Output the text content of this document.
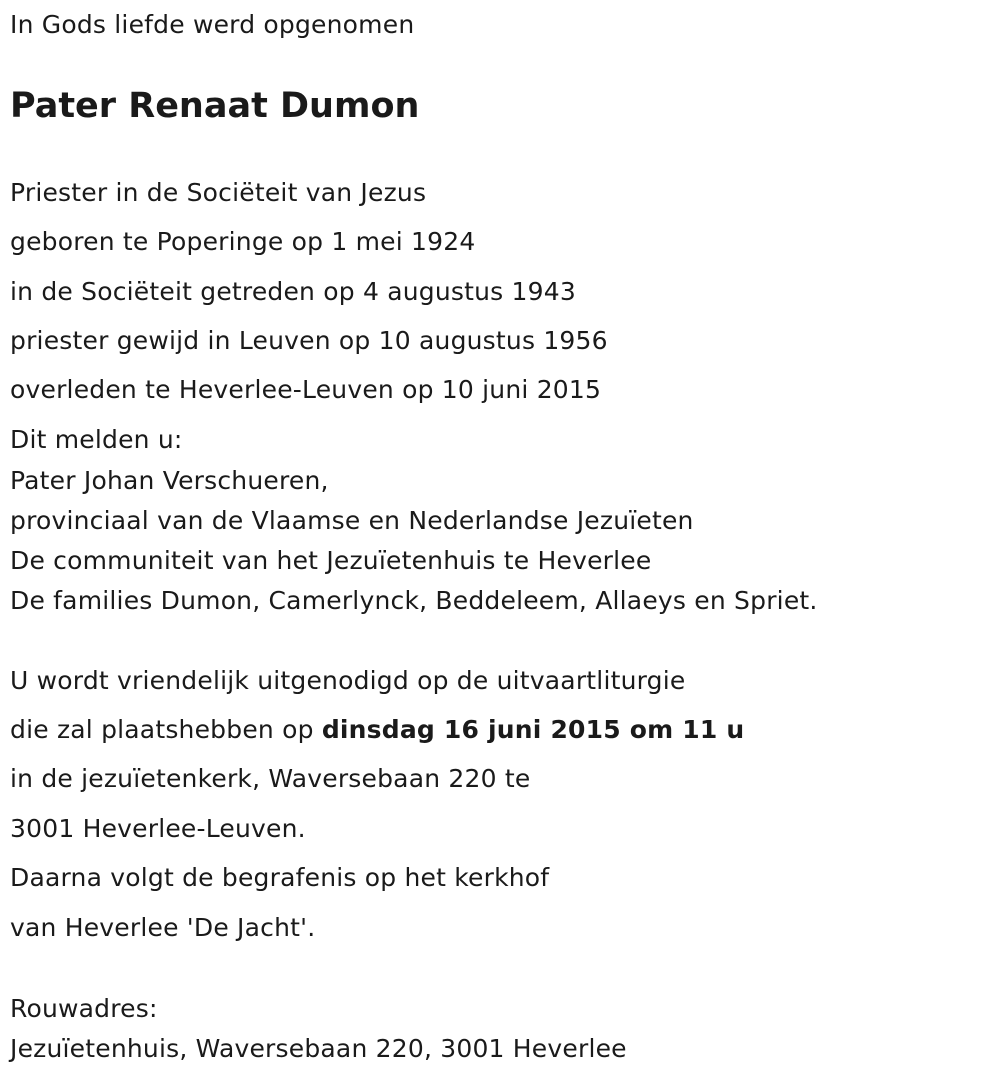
In Gods liefde werd opgenomen
Pater Renaat Dumon
Priester in de Sociëteit van Jezus
geboren te Poperinge op 1 mei 1924
in de Sociëteit getreden op 4 augustus 1943
priester gewijd in Leuven op 10 augustus 1956
overleden te Heverlee-Leuven op 10 juni 2015
Dit melden u:
Pater Johan Verschueren,
provinciaal van de Vlaamse en Nederlandse Jezuïeten
De communiteit van het Jezuïetenhuis te Heverlee
De families Dumon, Camerlynck, Beddeleem, Allaeys en Spriet.
U wordt vriendelijk uitgenodigd op de uitvaartliturgie
die zal plaatshebben op dinsdag 16 juni 2015 om 11 u
in de jezuïetenkerk, Waversebaan 220 te
3001 Heverlee-Leuven.
Daarna volgt de begrafenis op het kerkhof
van Heverlee 'De Jacht'.
Rouwadres:
Jezuïetenhuis, Waversebaan 220, 3001 Heverlee
